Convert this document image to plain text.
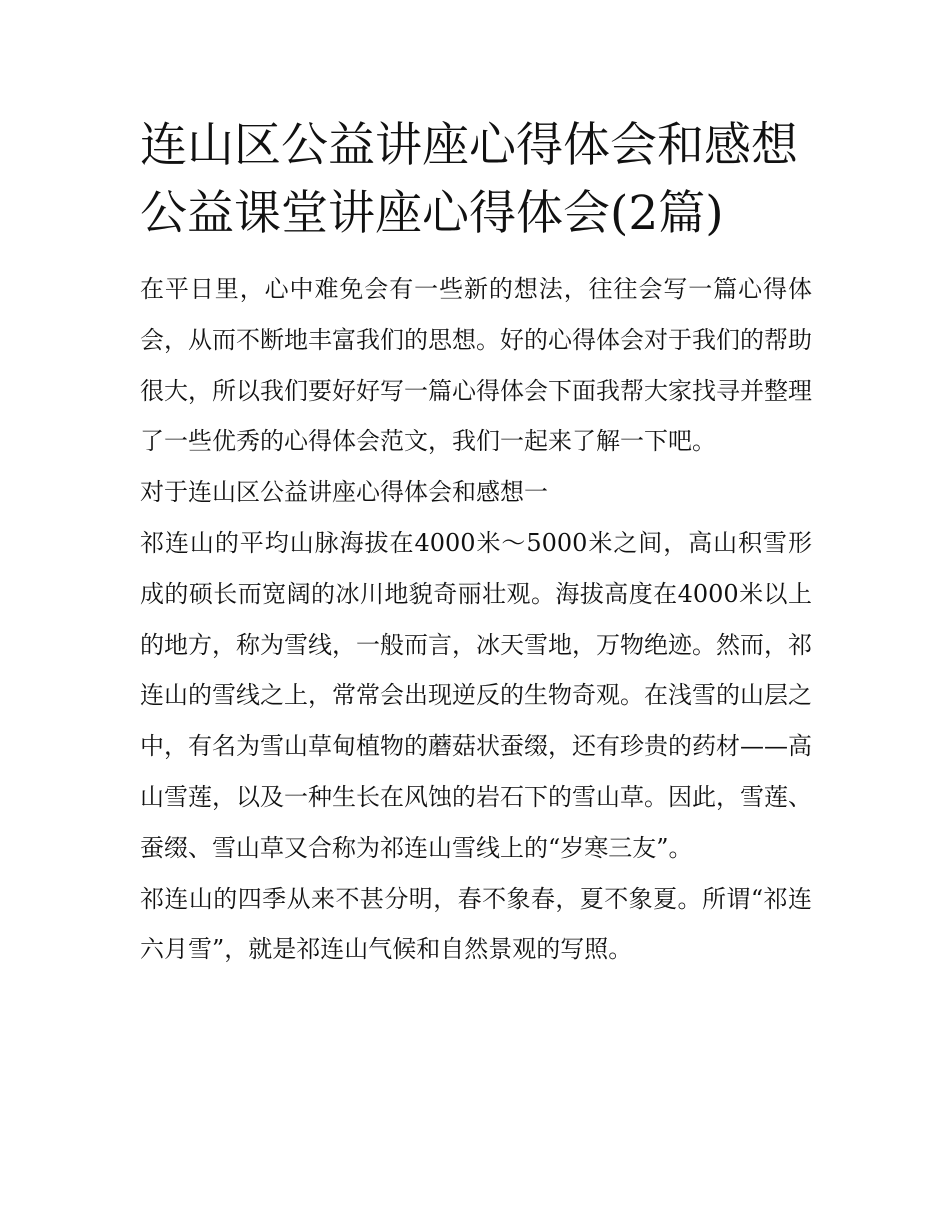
连山区公益讲座心得体会和感想 公益课堂讲座心得体会(2篇)

在平日里，心中难免会有一些新的想法，往往会写一篇心得体会，从而不断地丰富我们的思想。好的心得体会对于我们的帮助很大，所以我们要好好写一篇心得体会下面我帮大家找寻并整理了一些优秀的心得体会范文，我们一起来了解一下吧。

对于连山区公益讲座心得体会和感想一

祁连山的平均山脉海拔在4000米～5000米之间，高山积雪形成的硕长而宽阔的冰川地貌奇丽壮观。海拔高度在4000米以上的地方，称为雪线，一般而言，冰天雪地，万物绝迹。然而，祁连山的雪线之上，常常会出现逆反的生物奇观。在浅雪的山层之中，有名为雪山草甸植物的蘑菇状蚕缀，还有珍贵的药材——高山雪莲，以及一种生长在风蚀的岩石下的雪山草。因此，雪莲、蚕缀、雪山草又合称为祁连山雪线上的“岁寒三友”。

祁连山的四季从来不甚分明，春不象春，夏不象夏。所谓“祁连六月雪”，就是祁连山气候和自然景观的写照。
